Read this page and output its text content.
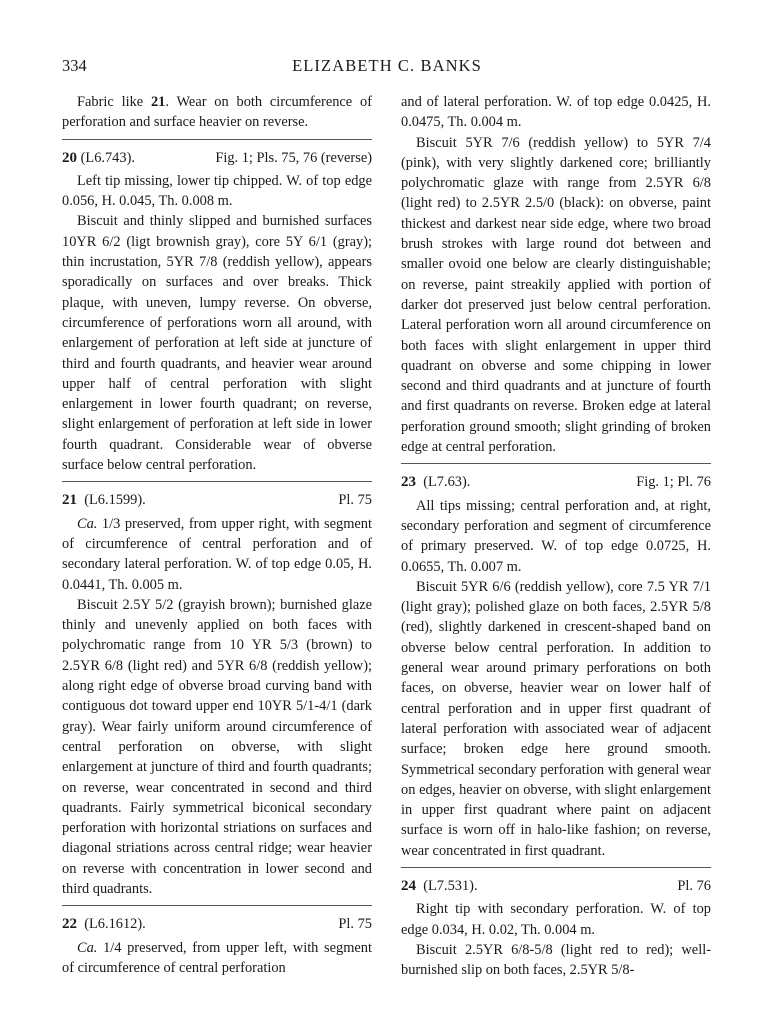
334	ELIZABETH C. BANKS

Fabric like 21. Wear on both circumference of perforation and surface heavier on reverse.

20 (L6.743).	Fig. 1; Pls. 75, 76 (reverse)

Left tip missing, lower tip chipped. W. of top edge 0.056, H. 0.045, Th. 0.008 m.

Biscuit and thinly slipped and burnished surfaces 10YR 6/2 (ligt brownish gray), core 5Y 6/1 (gray); thin incrustation, 5YR 7/8 (reddish yellow), appears sporadically on surfaces and over breaks. Thick plaque, with uneven, lumpy reverse. On obverse, circumference of perforations worn all around, with enlargement of perforation at left side at juncture of third and fourth quadrants, and heavier wear around upper half of central perforation with slight enlargement in lower fourth quadrant; on reverse, slight enlargement of perforation at left side in lower fourth quadrant. Considerable wear of obverse surface below central perforation.

21 (L6.1599).	Pl. 75

Ca. 1/3 preserved, from upper right, with segment of circumference of central perforation and of secondary lateral perforation. W. of top edge 0.05, H. 0.0441, Th. 0.005 m.

Biscuit 2.5Y 5/2 (grayish brown); burnished glaze thinly and unevenly applied on both faces with polychromatic range from 10 YR 5/3 (brown) to 2.5YR 6/8 (light red) and 5YR 6/8 (reddish yellow); along right edge of obverse broad curving band with contiguous dot toward upper end 10YR 5/1-4/1 (dark gray). Wear fairly uniform around circumference of central perforation on obverse, with slight enlargement at juncture of third and fourth quadrants; on reverse, wear concentrated in second and third quadrants. Fairly symmetrical biconical secondary perforation with horizontal striations on surfaces and diagonal striations across central ridge; wear heavier on reverse with concentration in lower second and third quadrants.

22 (L6.1612).	Pl. 75

Ca. 1/4 preserved, from upper left, with segment of circumference of central perforation

and of lateral perforation. W. of top edge 0.0425, H. 0.0475, Th. 0.004 m.

Biscuit 5YR 7/6 (reddish yellow) to 5YR 7/4 (pink), with very slightly darkened core; brilliantly polychromatic glaze with range from 2.5YR 6/8 (light red) to 2.5YR 2.5/0 (black): on obverse, paint thickest and darkest near side edge, where two broad brush strokes with large round dot between and smaller ovoid one below are clearly distinguishable; on reverse, paint streakily applied with portion of darker dot preserved just below central perforation. Lateral perforation worn all around circumference on both faces with slight enlargement in upper third quadrant on obverse and some chipping in lower second and third quadrants and at juncture of fourth and first quadrants on reverse. Broken edge at lateral perforation ground smooth; slight grinding of broken edge at central perforation.

23 (L7.63).	Fig. 1; Pl. 76

All tips missing; central perforation and, at right, secondary perforation and segment of circumference of primary preserved. W. of top edge 0.0725, H. 0.0655, Th. 0.007 m.

Biscuit 5YR 6/6 (reddish yellow), core 7.5 YR 7/1 (light gray); polished glaze on both faces, 2.5YR 5/8 (red), slightly darkened in crescent-shaped band on obverse below central perforation. In addition to general wear around primary perforations on both faces, on obverse, heavier wear on lower half of central perforation and in upper first quadrant of lateral perforation with associated wear of adjacent surface; broken edge here ground smooth. Symmetrical secondary perforation with general wear on edges, heavier on obverse, with slight enlargement in upper first quadrant where paint on adjacent surface is worn off in halo-like fashion; on reverse, wear concentrated in first quadrant.

24 (L7.531).	Pl. 76

Right tip with secondary perforation. W. of top edge 0.034, H. 0.02, Th. 0.004 m.

Biscuit 2.5YR 6/8-5/8 (light red to red); well-burnished slip on both faces, 2.5YR 5/8-
